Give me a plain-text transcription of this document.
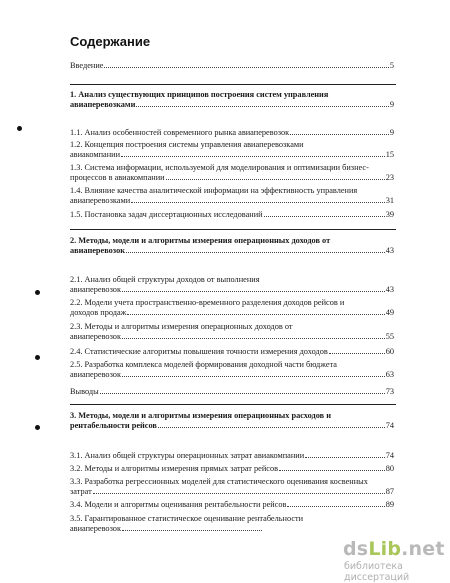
Содержание
Введение	5
1. Анализ существующих принципов построения систем управления
авиаперевозками	9
1.1. Анализ особенностей современного рынка авиаперевозок	9
1.2. Концепция построения системы управления авиаперевозками
авиакомпании	15
1.3. Система информации, используемой для моделирования и оптимизации бизнес-
процессов в авиакомпании	23
1.4. Влияние качества аналитической информации на эффективность управления
авиаперевозками	31
1.5. Постановка задач диссертационных исследований	39
2. Методы, модели и алгоритмы измерения операционных доходов от
авиаперевозок	43
2.1. Анализ общей структуры доходов от выполнения
авиаперевозок	43
2.2. Модели учета пространственно-временного разделения доходов рейсов и
доходов продаж	49
2.3. Методы и алгоритмы измерения операционных доходов от
авиаперевозок	55
2.4. Статистические алгоритмы повышения точности измерения доходов	60
2.5. Разработка комплекса моделей формирования доходной части бюджета
авиаперевозок	63
Выводы	73
3. Методы, модели и алгоритмы измерения операционных расходов и
рентабельности рейсов	74
3.1. Анализ общей структуры операционных затрат авиакомпании	74
3.2. Методы и алгоритмы измерения прямых затрат рейсов	80
3.3. Разработка регрессионных моделей для статистического оценивания косвенных
затрат	87
3.4. Модели и алгоритмы оценивания рентабельности рейсов	89
3.5. Гарантированное статистическое оценивание рентабельности
авиаперевозок
dsLib.net
библиотека диссертаций
